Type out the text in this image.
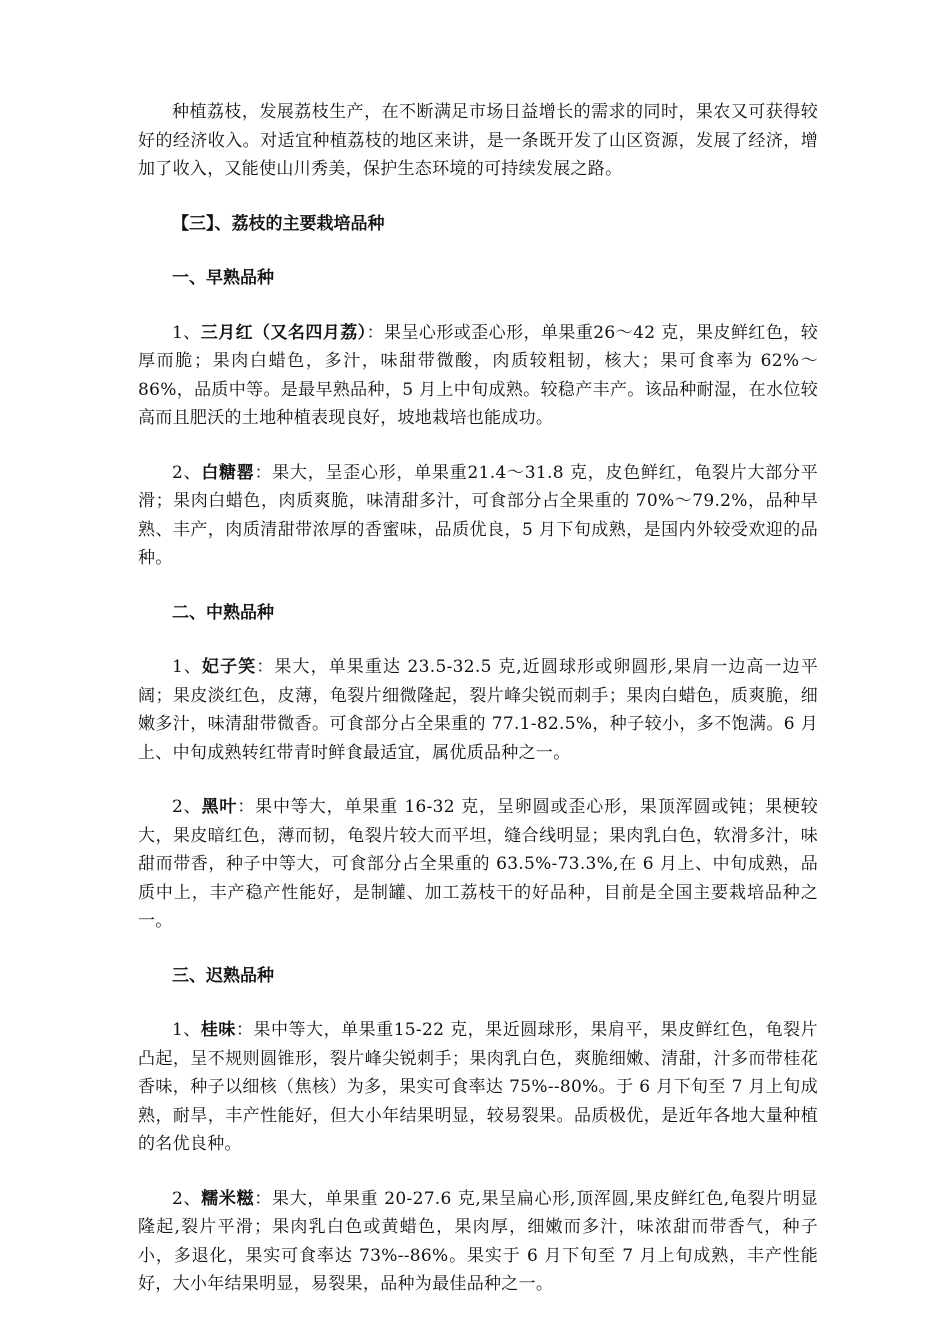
种植荔枝，发展荔枝生产，在不断满足市场日益增长的需求的同时，果农又可获得较好的经济收入。对适宜种植荔枝的地区来讲，是一条既开发了山区资源，发展了经济，增加了收入，又能使山川秀美，保护生态环境的可持续发展之路。

【三】、荔枝的主要栽培品种

一、早熟品种

1、三月红（又名四月荔）：果呈心形或歪心形，单果重26～42 克，果皮鲜红色，较厚而脆；果肉白蜡色，多汁，味甜带微酸，肉质较粗韧，核大；果可食率为 62%～86%，品质中等。是最早熟品种，5 月上中旬成熟。较稳产丰产。该品种耐湿，在水位较高而且肥沃的土地种植表现良好，坡地栽培也能成功。

2、白糖罂：果大，呈歪心形，单果重21.4～31.8 克，皮色鲜红，龟裂片大部分平滑；果肉白蜡色，肉质爽脆，味清甜多汁，可食部分占全果重的 70%～79.2%，品种早熟、丰产，肉质清甜带浓厚的香蜜味，品质优良，5 月下旬成熟，是国内外较受欢迎的品种。

二、中熟品种

1、妃子笑：果大，单果重达 23.5-32.5 克,近圆球形或卵圆形,果肩一边高一边平阔；果皮淡红色，皮薄，龟裂片细微隆起，裂片峰尖锐而刺手；果肉白蜡色，质爽脆，细嫩多汁，味清甜带微香。可食部分占全果重的 77.1-82.5%，种子较小，多不饱满。6 月上、中旬成熟转红带青时鲜食最适宜，属优质品种之一。

2、黑叶：果中等大，单果重 16-32 克，呈卵圆或歪心形，果顶浑圆或钝；果梗较大，果皮暗红色，薄而韧，龟裂片较大而平坦，缝合线明显；果肉乳白色，软滑多汁，味甜而带香，种子中等大，可食部分占全果重的 63.5%-73.3%,在 6 月上、中旬成熟，品质中上，丰产稳产性能好，是制罐、加工荔枝干的好品种，目前是全国主要栽培品种之一。

三、迟熟品种

1、桂味：果中等大，单果重15-22 克，果近圆球形，果肩平，果皮鲜红色，龟裂片凸起，呈不规则圆锥形，裂片峰尖锐刺手；果肉乳白色，爽脆细嫩、清甜，汁多而带桂花香味，种子以细核（焦核）为多，果实可食率达 75%--80%。于 6 月下旬至 7 月上旬成熟，耐旱，丰产性能好，但大小年结果明显，较易裂果。品质极优，是近年各地大量种植的名优良种。

2、糯米糍：果大，单果重 20-27.6 克,果呈扁心形,顶浑圆,果皮鲜红色,龟裂片明显隆起,裂片平滑；果肉乳白色或黄蜡色，果肉厚，细嫩而多汁，味浓甜而带香气，种子小，多退化，果实可食率达 73%--86%。果实于 6 月下旬至 7 月上旬成熟，丰产性能好，大小年结果明显，易裂果，品种为最佳品种之一。
